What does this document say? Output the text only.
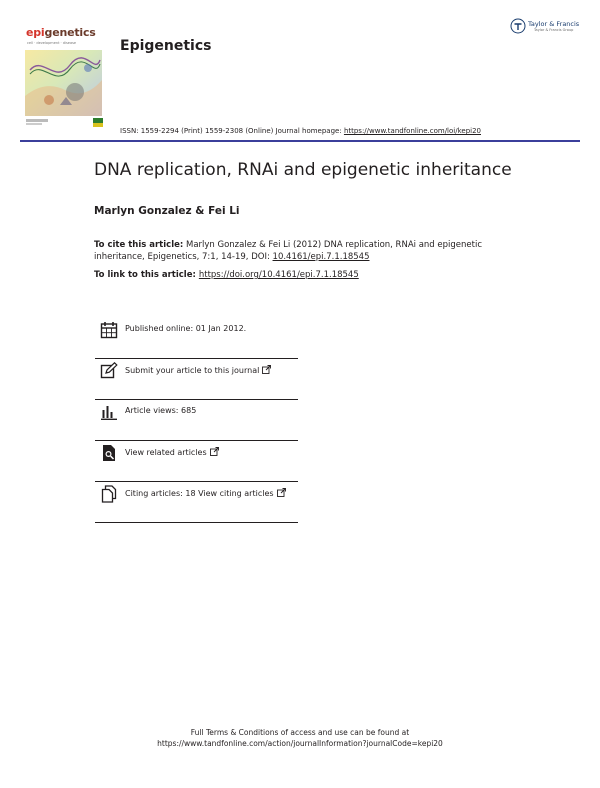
epigenetics
cell · development · disease	Epigenetics
Taylor & Francis
Taylor & Francis Group
ISSN: 1559-2294 (Print) 1559-2308 (Online) Journal homepage: https://www.tandfonline.com/loi/kepi20
DNA replication, RNAi and epigenetic inheritance
Marlyn Gonzalez & Fei Li
To cite this article: Marlyn Gonzalez & Fei Li (2012) DNA replication, RNAi and epigenetic
inheritance, Epigenetics, 7:1, 14-19, DOI: 10.4161/epi.7.1.18545
To link to this article: https://doi.org/10.4161/epi.7.1.18545
Published online: 01 Jan 2012.
Submit your article to this journal
Article views: 685
View related articles
Citing articles: 18 View citing articles
Full Terms & Conditions of access and use can be found at
https://www.tandfonline.com/action/journalInformation?journalCode=kepi20
